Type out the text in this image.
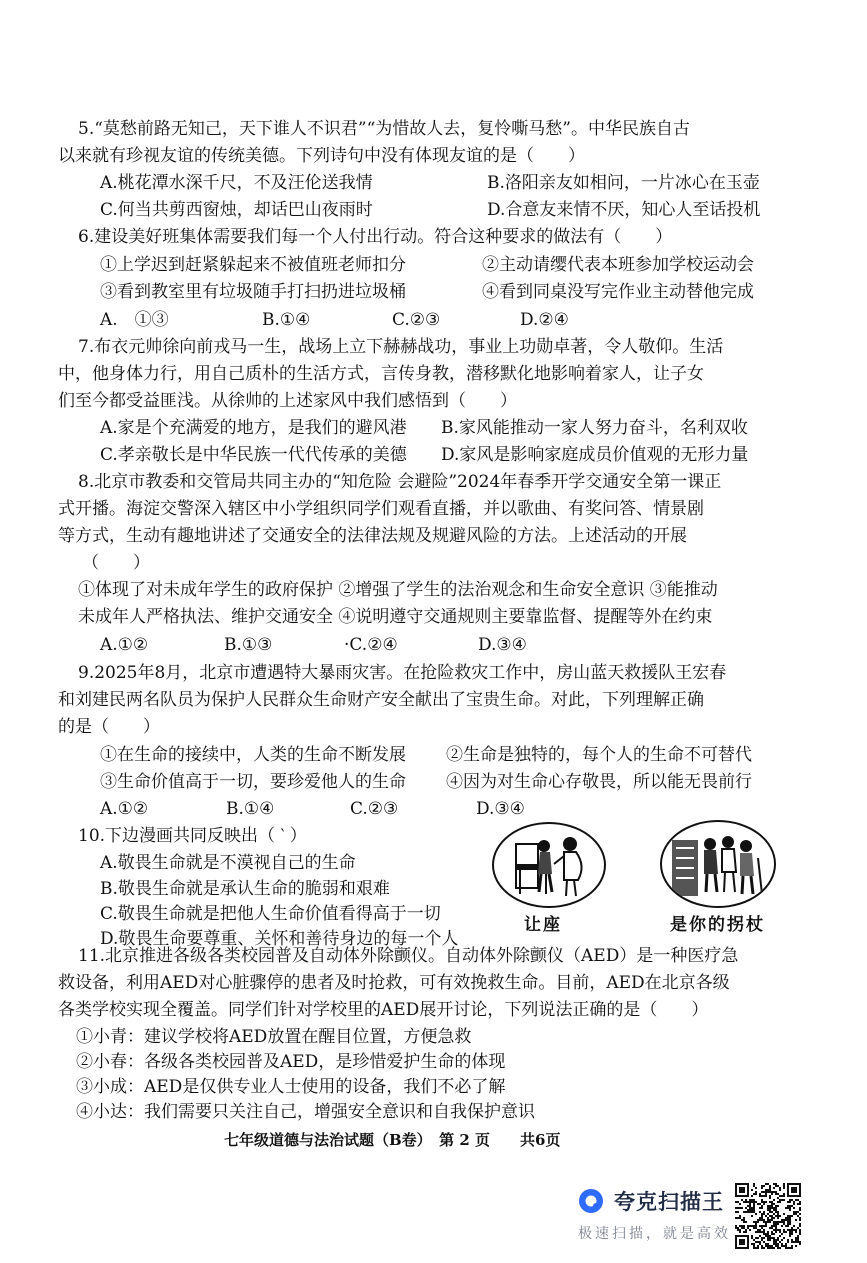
5.“莫愁前路无知己，天下谁人不识君”“为惜故人去，复怜嘶马愁”。中华民族自古
以来就有珍视友谊的传统美德。下列诗句中没有体现友谊的是（　　）
A.桃花潭水深千尺，不及汪伦送我情	B.洛阳亲友如相问，一片冰心在玉壶
C.何当共剪西窗烛，却话巴山夜雨时	D.合意友来情不厌，知心人至话投机
6.建设美好班集体需要我们每一个人付出行动。符合这种要求的做法有（　　）
①上学迟到赶紧躲起来不被值班老师扣分	②主动请缨代表本班参加学校运动会
③看到教室里有垃圾随手打扫扔进垃圾桶	④看到同桌没写完作业主动替他完成
A.　①③	B.①④	C.②③	D.②④
7.布衣元帅徐向前戎马一生，战场上立下赫赫战功，事业上功勋卓著，令人敬仰。生活
中，他身体力行，用自己质朴的生活方式，言传身教，潜移默化地影响着家人，让子女
们至今都受益匪浅。从徐帅的上述家风中我们感悟到（　　）
A.家是个充满爱的地方，是我们的避风港 B.家风能推动一家人努力奋斗，名利双收
C.孝亲敬长是中华民族一代代传承的美德 D.家风是影响家庭成员价值观的无形力量
8.北京市教委和交管局共同主办的“知危险 会避险”2024年春季开学交通安全第一课正
式开播。海淀交警深入辖区中小学组织同学们观看直播，并以歌曲、有奖问答、情景剧
等方式，生动有趣地讲述了交通安全的法律法规及规避风险的方法。上述活动的开展
（　　）
①体现了对未成年学生的政府保护 ②增强了学生的法治观念和生命安全意识 ③能推动
未成年人严格执法、维护交通安全 ④说明遵守交通规则主要靠监督、提醒等外在约束
A.①②	B.①③	·C.②④	D.③④
9.2025年8月，北京市遭遇特大暴雨灾害。在抢险救灾工作中，房山蓝天救援队王宏春
和刘建民两名队员为保护人民群众生命财产安全献出了宝贵生命。对此，下列理解正确
的是（　　）
①在生命的接续中，人类的生命不断发展 ②生命是独特的，每个人的生命不可替代
③生命价值高于一切，要珍爱他人的生命 ④因为对生命心存敬畏，所以能无畏前行
A.①②	B.①④	C.②③	D.③④
10.下边漫画共同反映出（ ‵ ）
A.敬畏生命就是不漠视自己的生命
B.敬畏生命就是承认生命的脆弱和艰难
C.敬畏生命就是把他人生命价值看得高于一切
D.敬畏生命要尊重、关怀和善待身边的每一个人
让座	是你的拐杖
11.北京推进各级各类校园普及自动体外除颤仪。自动体外除颤仪（AED）是一种医疗急
救设备，利用AED对心脏骤停的患者及时抢救，可有效挽救生命。目前，AED在北京各级
各类学校实现全覆盖。同学们针对学校里的AED展开讨论，下列说法正确的是（　　）
①小青：建议学校将AED放置在醒目位置，方便急救
②小春：各级各类校园普及AED，是珍惜爱护生命的体现
③小成：AED是仅供专业人士使用的设备，我们不必了解
④小达：我们需要只关注自己，增强安全意识和自我保护意识
七年级道德与法治试题（B卷）　第 2 页　　共6页
夸克扫描王
极速扫描，就是高效
